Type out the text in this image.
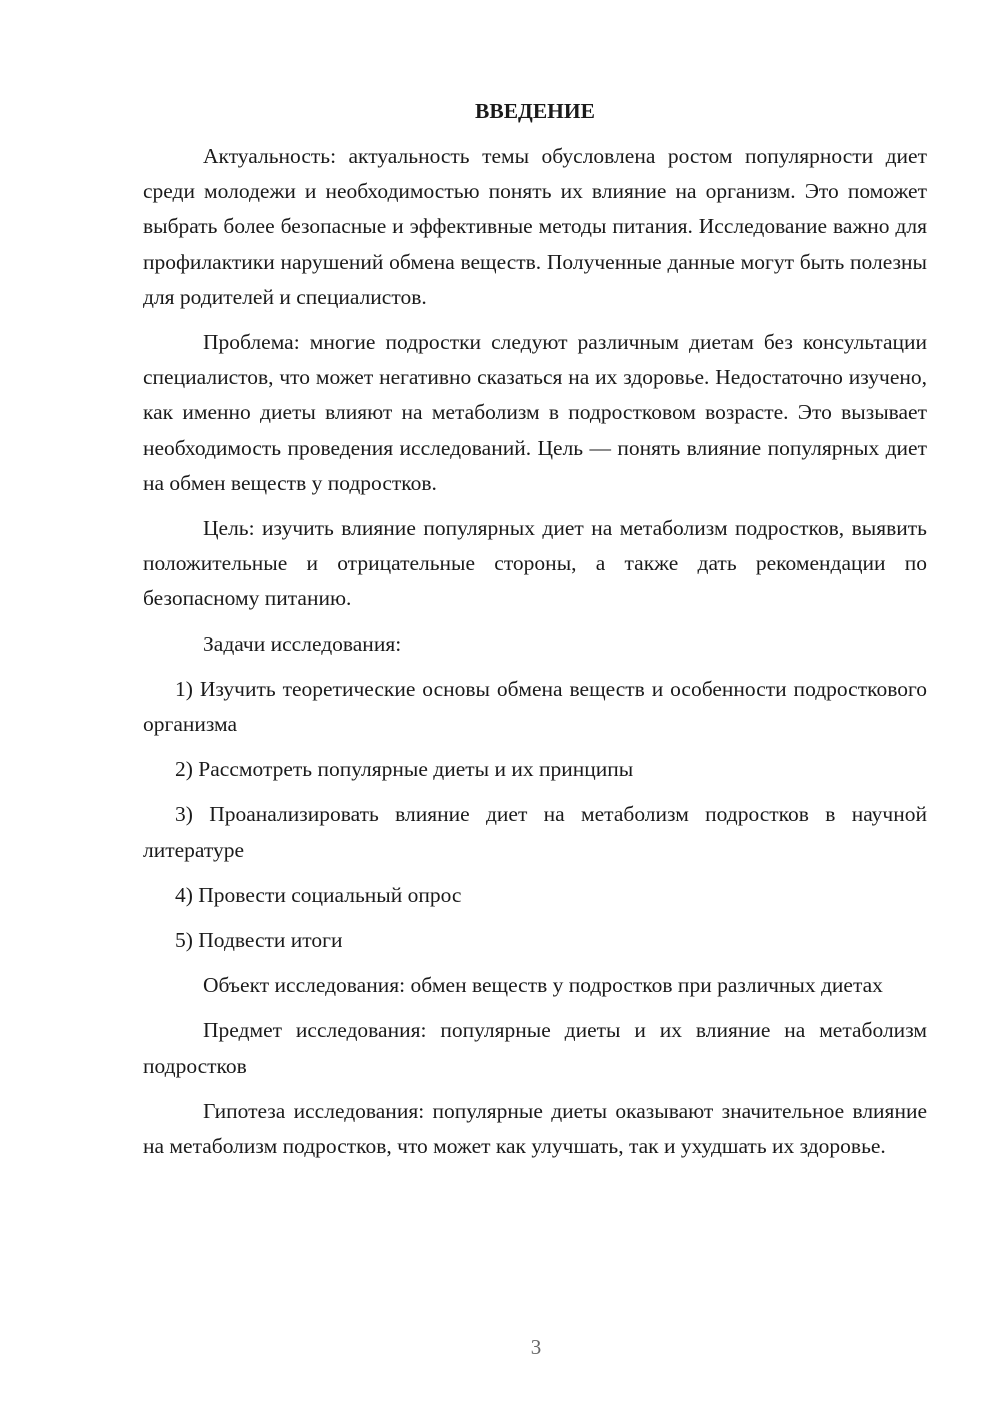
ВВЕДЕНИЕ

Актуальность: актуальность темы обусловлена ростом популярности диет среди молодежи и необходимостью понять их влияние на организм. Это поможет выбрать более безопасные и эффективные методы питания. Исследование важно для профилактики нарушений обмена веществ. Полученные данные могут быть полезны для родителей и специалистов.

Проблема: многие подростки следуют различным диетам без консультации специалистов, что может негативно сказаться на их здоровье. Недостаточно изучено, как именно диеты влияют на метаболизм в подростковом возрасте. Это вызывает необходимость проведения исследований. Цель — понять влияние популярных диет на обмен веществ у подростков.

Цель: изучить влияние популярных диет на метаболизм подростков, выявить положительные и отрицательные стороны, а также дать рекомендации по безопасному питанию.

Задачи исследования:

1) Изучить теоретические основы обмена веществ и особенности подросткового организма

2) Рассмотреть популярные диеты и их принципы

3) Проанализировать влияние диет на метаболизм подростков в научной литературе

4) Провести социальный опрос

5) Подвести итоги

Объект исследования: обмен веществ у подростков при различных диетах

Предмет исследования: популярные диеты и их влияние на метаболизм подростков

Гипотеза исследования: популярные диеты оказывают значительное влияние на метаболизм подростков, что может как улучшать, так и ухудшать их здоровье.

3
